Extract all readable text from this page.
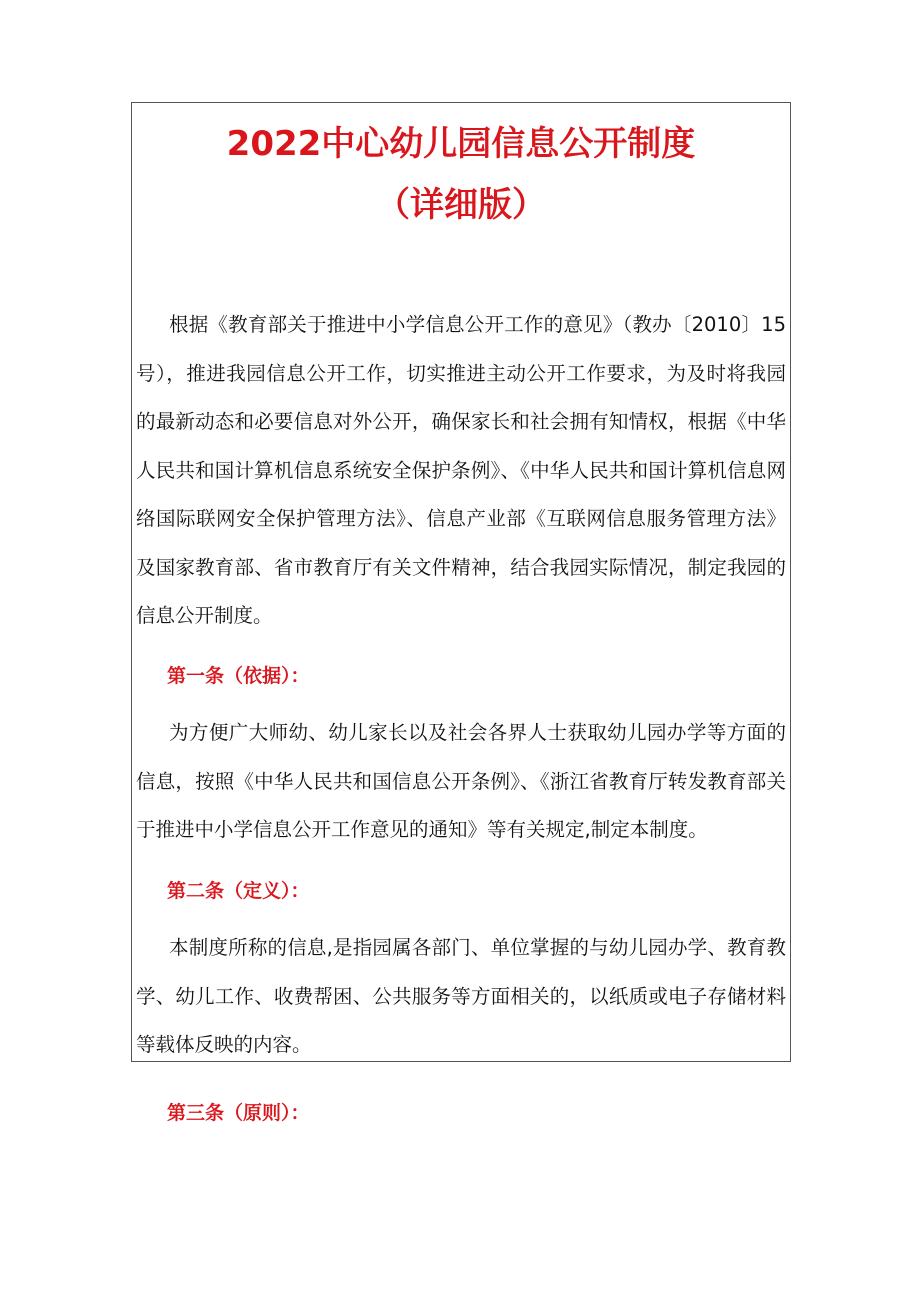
2022中心幼儿园信息公开制度
（详细版）

根据《教育部关于推进中小学信息公开工作的意见》（教办〔2010〕15号），推进我园信息公开工作，切实推进主动公开工作要求，为及时将我园的最新动态和必要信息对外公开，确保家长和社会拥有知情权，根据《中华人民共和国计算机信息系统安全保护条例》、《中华人民共和国计算机信息网络国际联网安全保护管理方法》、信息产业部《互联网信息服务管理方法》及国家教育部、省市教育厅有关文件精神，结合我园实际情况，制定我园的信息公开制度。

第一条（依据）：

为方便广大师幼、幼儿家长以及社会各界人士获取幼儿园办学等方面的信息，按照《中华人民共和国信息公开条例》、《浙江省教育厅转发教育部关于推进中小学信息公开工作意见的通知》等有关规定,制定本制度。

第二条（定义）：

本制度所称的信息,是指园属各部门、单位掌握的与幼儿园办学、教育教学、幼儿工作、收费帮困、公共服务等方面相关的，以纸质或电子存储材料等载体反映的内容。

第三条（原则）：
